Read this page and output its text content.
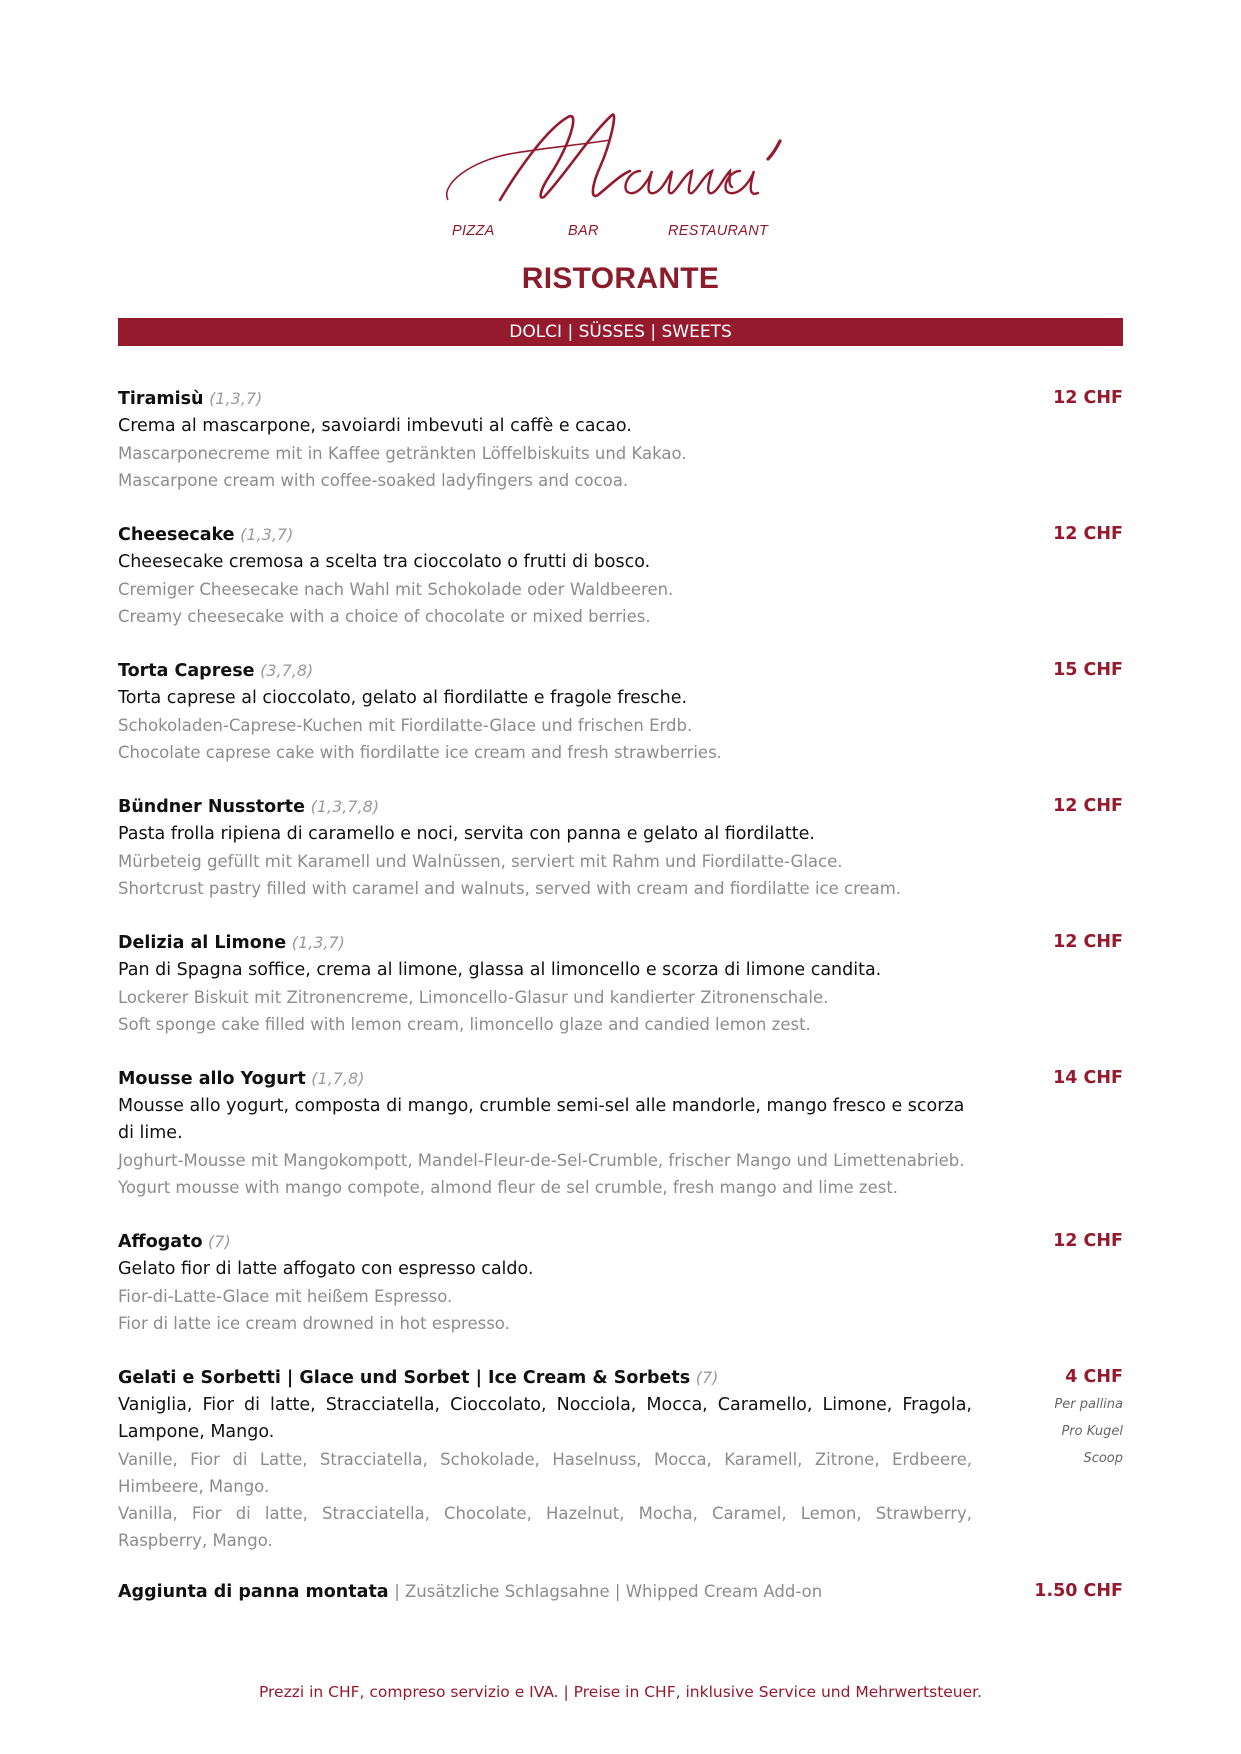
PIZZA	BAR	RESTAURANT
RISTORANTE
DOLCI | SÜSSES | SWEETS
Tiramisù (1,3,7)
Crema al mascarpone, savoiardi imbevuti al caffè e cacao.
Mascarponecreme mit in Kaffee getränkten Löffelbiskuits und Kakao.
Mascarpone cream with coffee-soaked ladyfingers and cocoa.
12 CHF
Cheesecake (1,3,7)
Cheesecake cremosa a scelta tra cioccolato o frutti di bosco.
Cremiger Cheesecake nach Wahl mit Schokolade oder Waldbeeren.
Creamy cheesecake with a choice of chocolate or mixed berries.
12 CHF
Torta Caprese (3,7,8)
Torta caprese al cioccolato, gelato al fiordilatte e fragole fresche.
Schokoladen-Caprese-Kuchen mit Fiordilatte-Glace und frischen Erdb.
Chocolate caprese cake with fiordilatte ice cream and fresh strawberries.
15 CHF
Bündner Nusstorte (1,3,7,8)
Pasta frolla ripiena di caramello e noci, servita con panna e gelato al fiordilatte.
Mürbeteig gefüllt mit Karamell und Walnüssen, serviert mit Rahm und Fiordilatte-Glace.
Shortcrust pastry filled with caramel and walnuts, served with cream and fiordilatte ice cream.
12 CHF
Delizia al Limone (1,3,7)
Pan di Spagna soffice, crema al limone, glassa al limoncello e scorza di limone candita.
Lockerer Biskuit mit Zitronencreme, Limoncello-Glasur und kandierter Zitronenschale.
Soft sponge cake filled with lemon cream, limoncello glaze and candied lemon zest.
12 CHF
Mousse allo Yogurt (1,7,8)
Mousse allo yogurt, composta di mango, crumble semi-sel alle mandorle, mango fresco e scorza di lime.
Joghurt-Mousse mit Mangokompott, Mandel-Fleur-de-Sel-Crumble, frischer Mango und Limettenabrieb.
Yogurt mousse with mango compote, almond fleur de sel crumble, fresh mango and lime zest.
14 CHF
Affogato (7)
Gelato fior di latte affogato con espresso caldo.
Fior-di-Latte-Glace mit heißem Espresso.
Fior di latte ice cream drowned in hot espresso.
12 CHF
Gelati e Sorbetti | Glace und Sorbet | Ice Cream & Sorbets (7)
Vaniglia, Fior di latte, Stracciatella, Cioccolato, Nocciola, Mocca, Caramello, Limone, Fragola, Lampone, Mango.
Vanille, Fior di Latte, Stracciatella, Schokolade, Haselnuss, Mocca, Karamell, Zitrone, Erdbeere, Himbeere, Mango.
Vanilla, Fior di latte, Stracciatella, Chocolate, Hazelnut, Mocha, Caramel, Lemon, Strawberry, Raspberry, Mango.
4 CHF
Per pallina
Pro Kugel
Scoop
Aggiunta di panna montata | Zusätzliche Schlagsahne | Whipped Cream Add-on	1.50 CHF
Prezzi in CHF, compreso servizio e IVA. | Preise in CHF, inklusive Service und Mehrwertsteuer.
